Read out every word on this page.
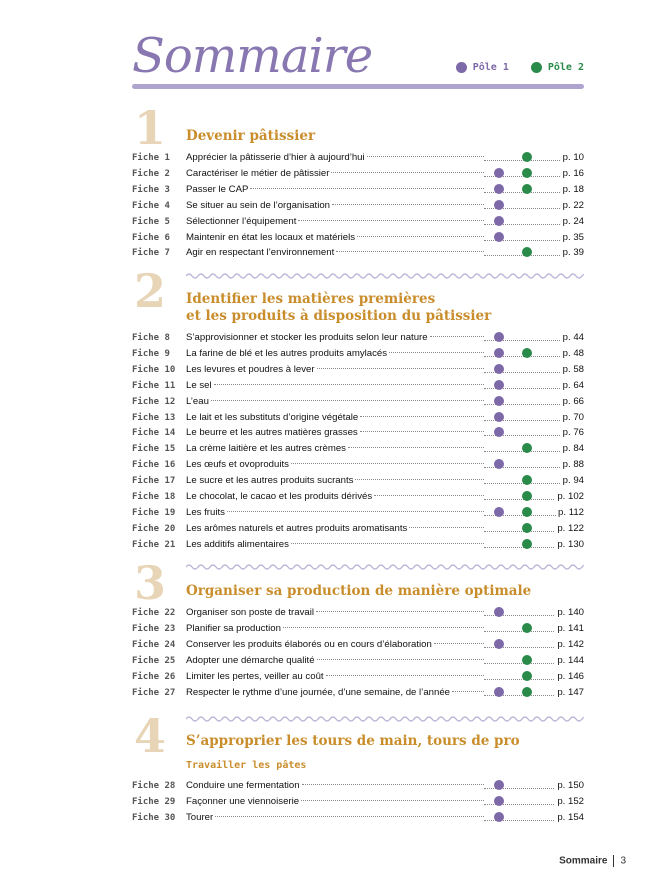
Sommaire	Pôle 1	Pôle 2
1 Devenir pâtissier
Fiche 1 Apprécier la pâtisserie d’hier à aujourd’hui	p. 10
Fiche 2 Caractériser le métier de pâtissier	p. 16
Fiche 3 Passer le CAP	p. 18
Fiche 4 Se situer au sein de l’organisation	p. 22
Fiche 5 Sélectionner l’équipement	p. 24
Fiche 6 Maintenir en état les locaux et matériels	p. 35
Fiche 7 Agir en respectant l’environnement	p. 39
2 Identifier les matières premières
et les produits à disposition du pâtissier
Fiche 8 S’approvisionner et stocker les produits selon leur nature	p. 44
Fiche 9 La farine de blé et les autres produits amylacés	p. 48
Fiche 10 Les levures et poudres à lever	p. 58
Fiche 11 Le sel	p. 64
Fiche 12 L’eau	p. 66
Fiche 13 Le lait et les substituts d’origine végétale	p. 70
Fiche 14 Le beurre et les autres matières grasses	p. 76
Fiche 15 La crème laitière et les autres crèmes	p. 84
Fiche 16 Les œufs et ovoproduits	p. 88
Fiche 17 Le sucre et les autres produits sucrants	p. 94
Fiche 18 Le chocolat, le cacao et les produits dérivés	p. 102
Fiche 19 Les fruits	p. 112
Fiche 20 Les arômes naturels et autres produits aromatisants	p. 122
Fiche 21 Les additifs alimentaires	p. 130
3 Organiser sa production de manière optimale
Fiche 22 Organiser son poste de travail	p. 140
Fiche 23 Planifier sa production	p. 141
Fiche 24 Conserver les produits élaborés ou en cours d’élaboration	p. 142
Fiche 25 Adopter une démarche qualité	p. 144
Fiche 26 Limiter les pertes, veiller au coût	p. 146
Fiche 27 Respecter le rythme d’une journée, d’une semaine, de l’année	p. 147
4 S’approprier les tours de main, tours de pro
Travailler les pâtes
Fiche 28 Conduire une fermentation	p. 150
Fiche 29 Façonner une viennoiserie	p. 152
Fiche 30 Tourer	p. 154
Sommaire 3
